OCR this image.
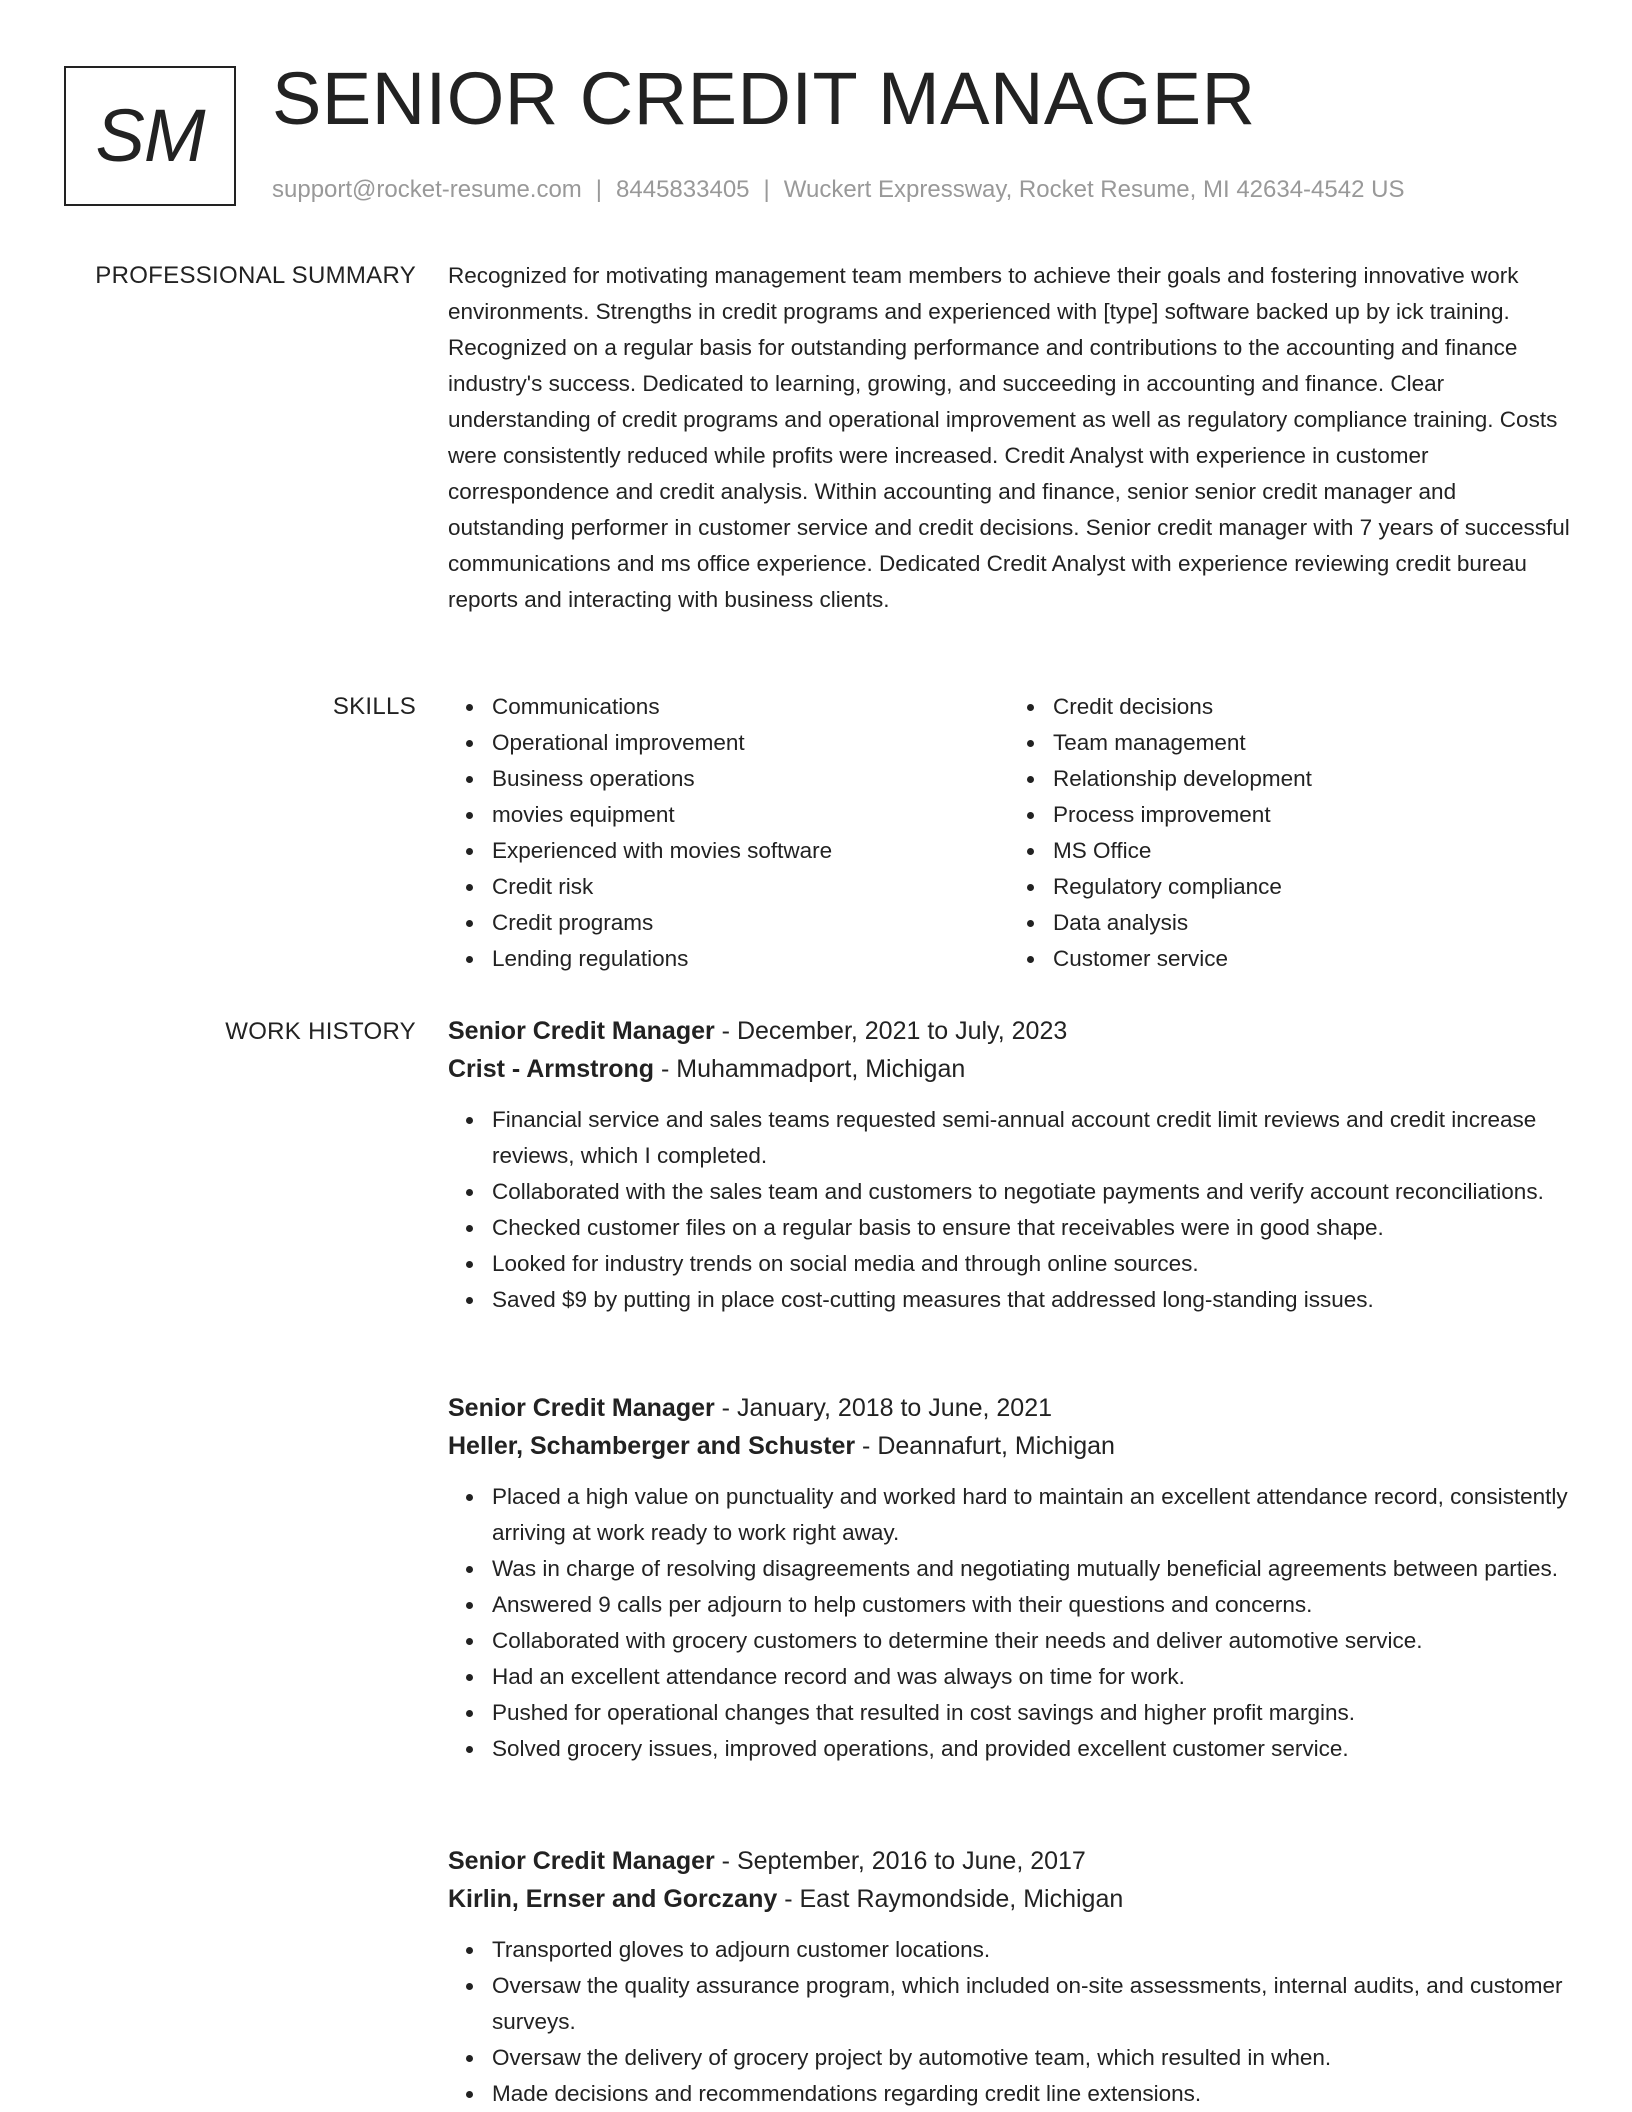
SM SENIOR CREDIT MANAGER
support@rocket-resume.com | 8445833405 | Wuckert Expressway, Rocket Resume, MI 42634-4542 US
PROFESSIONAL SUMMARY Recognized for motivating management team members to achieve their goals and fostering innovative work environments. Strengths in credit programs and experienced with [type] software backed up by ick training. Recognized on a regular basis for outstanding performance and contributions to the accounting and finance industry's success. Dedicated to learning, growing, and succeeding in accounting and finance. Clear understanding of credit programs and operational improvement as well as regulatory compliance training. Costs were consistently reduced while profits were increased. Credit Analyst with experience in customer correspondence and credit analysis. Within accounting and finance, senior senior credit manager and outstanding performer in customer service and credit decisions. Senior credit manager with 7 years of successful communications and ms office experience. Dedicated Credit Analyst with experience reviewing credit bureau reports and interacting with business clients.

SKILLS	Communications
Operational improvement
Business operations
movies equipment
Experienced with movies software
Credit risk
Credit programs
Lending regulations
Credit decisions
Team management
Relationship development
Process improvement
MS Office
Regulatory compliance
Data analysis
Customer service
WORK HISTORY Senior Credit Manager - December, 2021 to July, 2023
Crist - Armstrong - Muhammadport, Michigan
Financial service and sales teams requested semi-annual account credit limit reviews and credit increase reviews, which I completed.
Collaborated with the sales team and customers to negotiate payments and verify account reconciliations.
Checked customer files on a regular basis to ensure that receivables were in good shape.
Looked for industry trends on social media and through online sources.
Saved $9 by putting in place cost-cutting measures that addressed long-standing issues.
Senior Credit Manager - January, 2018 to June, 2021
Heller, Schamberger and Schuster - Deannafurt, Michigan
Placed a high value on punctuality and worked hard to maintain an excellent attendance record, consistently arriving at work ready to work right away.
Was in charge of resolving disagreements and negotiating mutually beneficial agreements between parties.
Answered 9 calls per adjourn to help customers with their questions and concerns.
Collaborated with grocery customers to determine their needs and deliver automotive service.
Had an excellent attendance record and was always on time for work.
Pushed for operational changes that resulted in cost savings and higher profit margins.
Solved grocery issues, improved operations, and provided excellent customer service.
Senior Credit Manager - September, 2016 to June, 2017
Kirlin, Ernser and Gorczany - East Raymondside, Michigan
Transported gloves to adjourn customer locations.
Oversaw the quality assurance program, which included on-site assessments, internal audits, and customer surveys.
Oversaw the delivery of grocery project by automotive team, which resulted in when.
Made decisions and recommendations regarding credit line extensions.
